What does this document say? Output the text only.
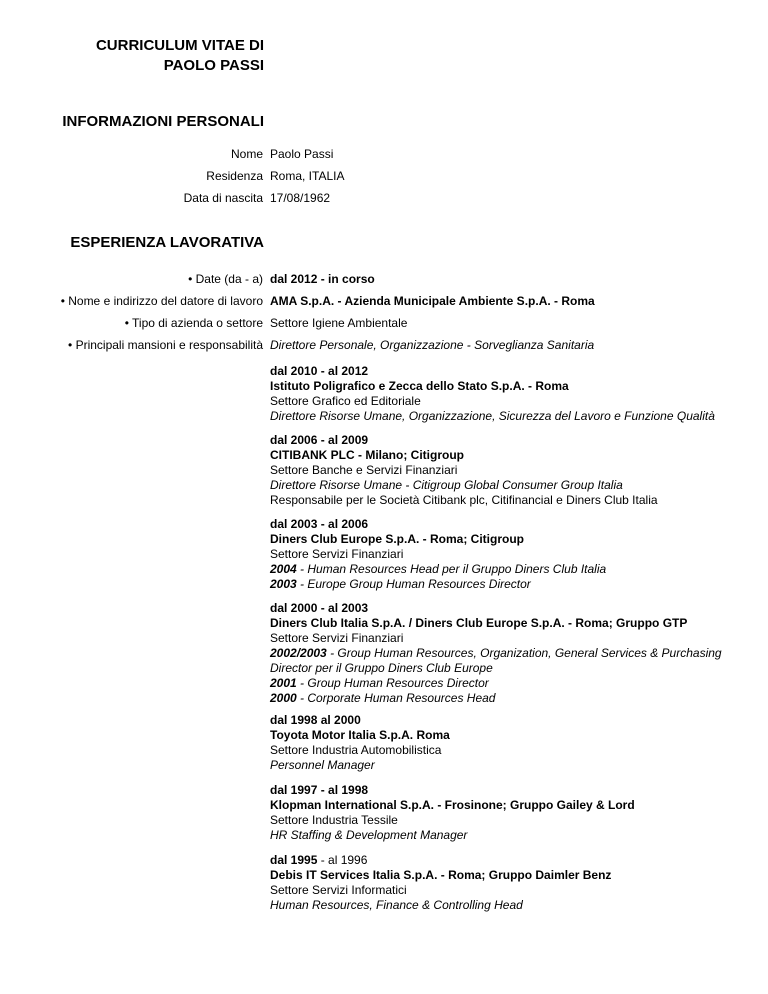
CURRICULUM VITAE DI
PAOLO PASSI
INFORMAZIONI PERSONALI
Nome Paolo Passi
Residenza Roma, ITALIA
Data di nascita 17/08/1962
ESPERIENZA LAVORATIVA
• Date (da - a) dal 2012 - in corso
• Nome e indirizzo del datore di lavoro AMA S.p.A. - Azienda Municipale Ambiente S.p.A. - Roma
• Tipo di azienda o settore Settore Igiene Ambientale
• Principali mansioni e responsabilità Direttore Personale, Organizzazione - Sorveglianza Sanitaria
dal 2010 - al 2012
Istituto Poligrafico e Zecca dello Stato S.p.A. - Roma
Settore Grafico ed Editoriale
Direttore Risorse Umane, Organizzazione, Sicurezza del Lavoro e Funzione Qualità
dal 2006 - al 2009
CITIBANK PLC - Milano; Citigroup
Settore Banche e Servizi Finanziari
Direttore Risorse Umane - Citigroup Global Consumer Group Italia
Responsabile per le Società Citibank plc, Citifinancial e Diners Club Italia
dal 2003 - al 2006
Diners Club Europe S.p.A. - Roma; Citigroup
Settore Servizi Finanziari
2004 - Human Resources Head per il Gruppo Diners Club Italia
2003 - Europe Group Human Resources Director
dal 2000 - al 2003
Diners Club Italia S.p.A. / Diners Club Europe S.p.A. - Roma; Gruppo GTP
Settore Servizi Finanziari
2002/2003 - Group Human Resources, Organization, General Services & Purchasing Director per il Gruppo Diners Club Europe
2001 - Group Human Resources Director
2000 - Corporate Human Resources Head
dal 1998 al 2000
Toyota Motor Italia S.p.A. Roma
Settore Industria Automobilistica
Personnel Manager
dal 1997 - al 1998
Klopman International S.p.A. - Frosinone; Gruppo Gailey & Lord
Settore Industria Tessile
HR Staffing & Development Manager
dal 1995 - al 1996
Debis IT Services Italia S.p.A. - Roma; Gruppo Daimler Benz
Settore Servizi Informatici
Human Resources, Finance & Controlling Head
